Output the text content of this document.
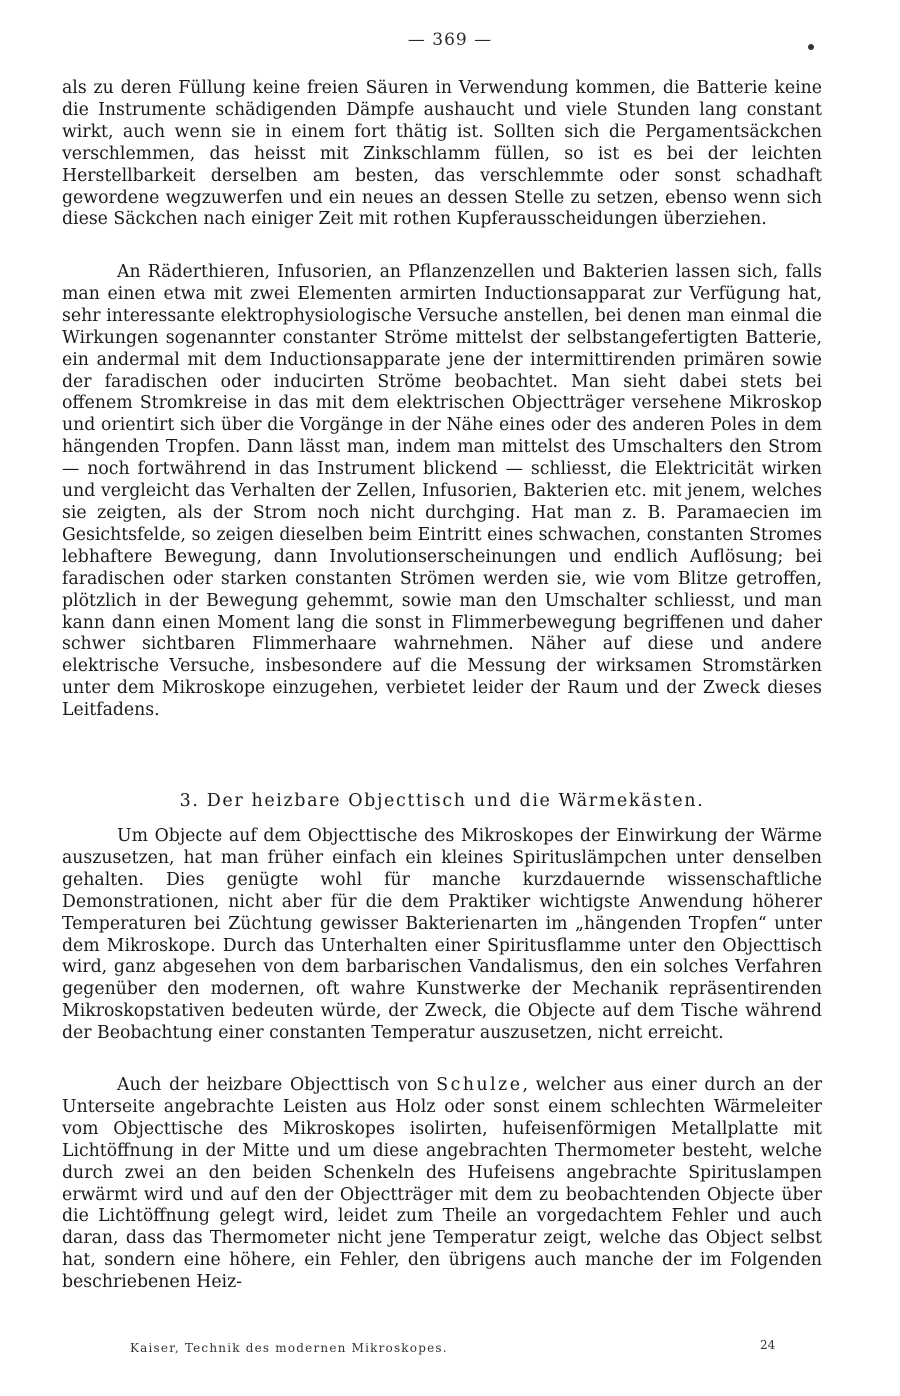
— 369 —

als zu deren Füllung keine freien Säuren in Verwendung kommen, die Batterie keine die Instrumente schädigenden Dämpfe aushaucht und viele Stunden lang constant wirkt, auch wenn sie in einem fort thätig ist. Sollten sich die Pergamentsäckchen verschlemmen, das heisst mit Zinkschlamm füllen, so ist es bei der leichten Herstellbarkeit derselben am besten, das verschlemmte oder sonst schadhaft gewordene wegzuwerfen und ein neues an dessen Stelle zu setzen, ebenso wenn sich diese Säckchen nach einiger Zeit mit rothen Kupferausscheidungen überziehen.

An Räderthieren, Infusorien, an Pflanzenzellen und Bakterien lassen sich, falls man einen etwa mit zwei Elementen armirten Inductionsapparat zur Verfügung hat, sehr interessante elektrophysiologische Versuche anstellen, bei denen man einmal die Wirkungen sogenannter constanter Ströme mittelst der selbstangefertigten Batterie, ein andermal mit dem Inductionsapparate jene der intermittirenden primären sowie der faradischen oder inducirten Ströme beobachtet. Man sieht dabei stets bei offenem Stromkreise in das mit dem elektrischen Objectträger versehene Mikroskop und orientirt sich über die Vorgänge in der Nähe eines oder des anderen Poles in dem hängenden Tropfen. Dann lässt man, indem man mittelst des Umschalters den Strom — noch fortwährend in das Instrument blickend — schliesst, die Elektricität wirken und vergleicht das Verhalten der Zellen, Infusorien, Bakterien etc. mit jenem, welches sie zeigten, als der Strom noch nicht durchging. Hat man z. B. Paramaecien im Gesichtsfelde, so zeigen dieselben beim Eintritt eines schwachen, constanten Stromes lebhaftere Bewegung, dann Involutionserscheinungen und endlich Auflösung; bei faradischen oder starken constanten Strömen werden sie, wie vom Blitze getroffen, plötzlich in der Bewegung gehemmt, sowie man den Umschalter schliesst, und man kann dann einen Moment lang die sonst in Flimmerbewegung begriffenen und daher schwer sichtbaren Flimmerhaare wahrnehmen. Näher auf diese und andere elektrische Versuche, insbesondere auf die Messung der wirksamen Stromstärken unter dem Mikroskope einzugehen, verbietet leider der Raum und der Zweck dieses Leitfadens.

3. Der heizbare Objecttisch und die Wärmekästen.

Um Objecte auf dem Objecttische des Mikroskopes der Einwirkung der Wärme auszusetzen, hat man früher einfach ein kleines Spirituslämpchen unter denselben gehalten. Dies genügte wohl für manche kurzdauernde wissenschaftliche Demonstrationen, nicht aber für die dem Praktiker wichtigste Anwendung höherer Temperaturen bei Züchtung gewisser Bakterienarten im „hängenden Tropfen“ unter dem Mikroskope. Durch das Unterhalten einer Spiritusflamme unter den Objecttisch wird, ganz abgesehen von dem barbarischen Vandalismus, den ein solches Verfahren gegenüber den modernen, oft wahre Kunstwerke der Mechanik repräsentirenden Mikroskopstativen bedeuten würde, der Zweck, die Objecte auf dem Tische während der Beobachtung einer constanten Temperatur auszusetzen, nicht erreicht.

Auch der heizbare Objecttisch von Schulze, welcher aus einer durch an der Unterseite angebrachte Leisten aus Holz oder sonst einem schlechten Wärmeleiter vom Objecttische des Mikroskopes isolirten, hufeisenförmigen Metallplatte mit Lichtöffnung in der Mitte und um diese angebrachten Thermometer besteht, welche durch zwei an den beiden Schenkeln des Hufeisens angebrachte Spirituslampen erwärmt wird und auf den der Objectträger mit dem zu beobachtenden Objecte über die Lichtöffnung gelegt wird, leidet zum Theile an vorgedachtem Fehler und auch daran, dass das Thermometer nicht jene Temperatur zeigt, welche das Object selbst hat, sondern eine höhere, ein Fehler, den übrigens auch manche der im Folgenden beschriebenen Heiz-

Kaiser, Technik des modernen Mikroskopes.	24
